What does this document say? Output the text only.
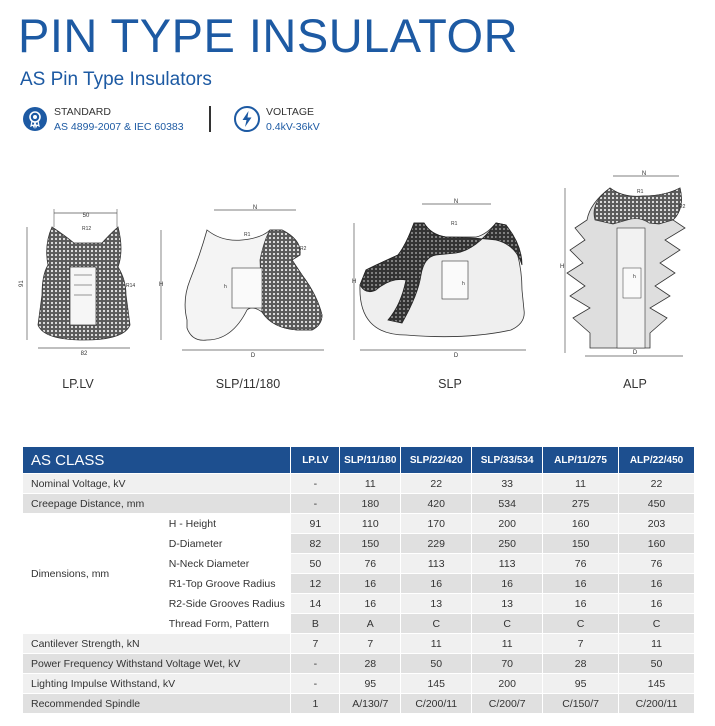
PIN TYPE INSULATOR
AS Pin Type Insulators
STANDARD
AS 4899-2007 & IEC 60383
VOLTAGE
0.4kV-36kV
50
91
R12
R14
82
N
H	h
R1
R2
D
N
H	h
R1
R2
D
N
H
h
R1
R2
D
LP.LV	SLP/11/180	SLP	ALP
AS CLASS		LP.LV	SLP/11/180	SLP/22/420	SLP/33/534	ALP/11/275	ALP/22/450
Nominal Voltage, kV		-	11	22	33	11	22
Creepage Distance, mm		-	180	420	534	275	450
Dimensions, mm	H - Height	91	110	170	200	160	203
	D-Diameter	82	150	229	250	150	160
	N-Neck Diameter	50	76	113	113	76	76
	R1-Top Groove Radius	12	16	16	16	16	16
	R2-Side Grooves Radius	14	16	13	13	16	16
	Thread Form, Pattern	B	A	C	C	C	C
Cantilever Strength, kN		7	7	11	11	7	11
Power Frequency Withstand Voltage Wet, kV		-	28	50	70	28	50
Lighting Impulse Withstand, kV		-	95	145	200	95	145
Recommended Spindle		1	A/130/7	C/200/11	C/200/7	C/150/7	C/200/11
